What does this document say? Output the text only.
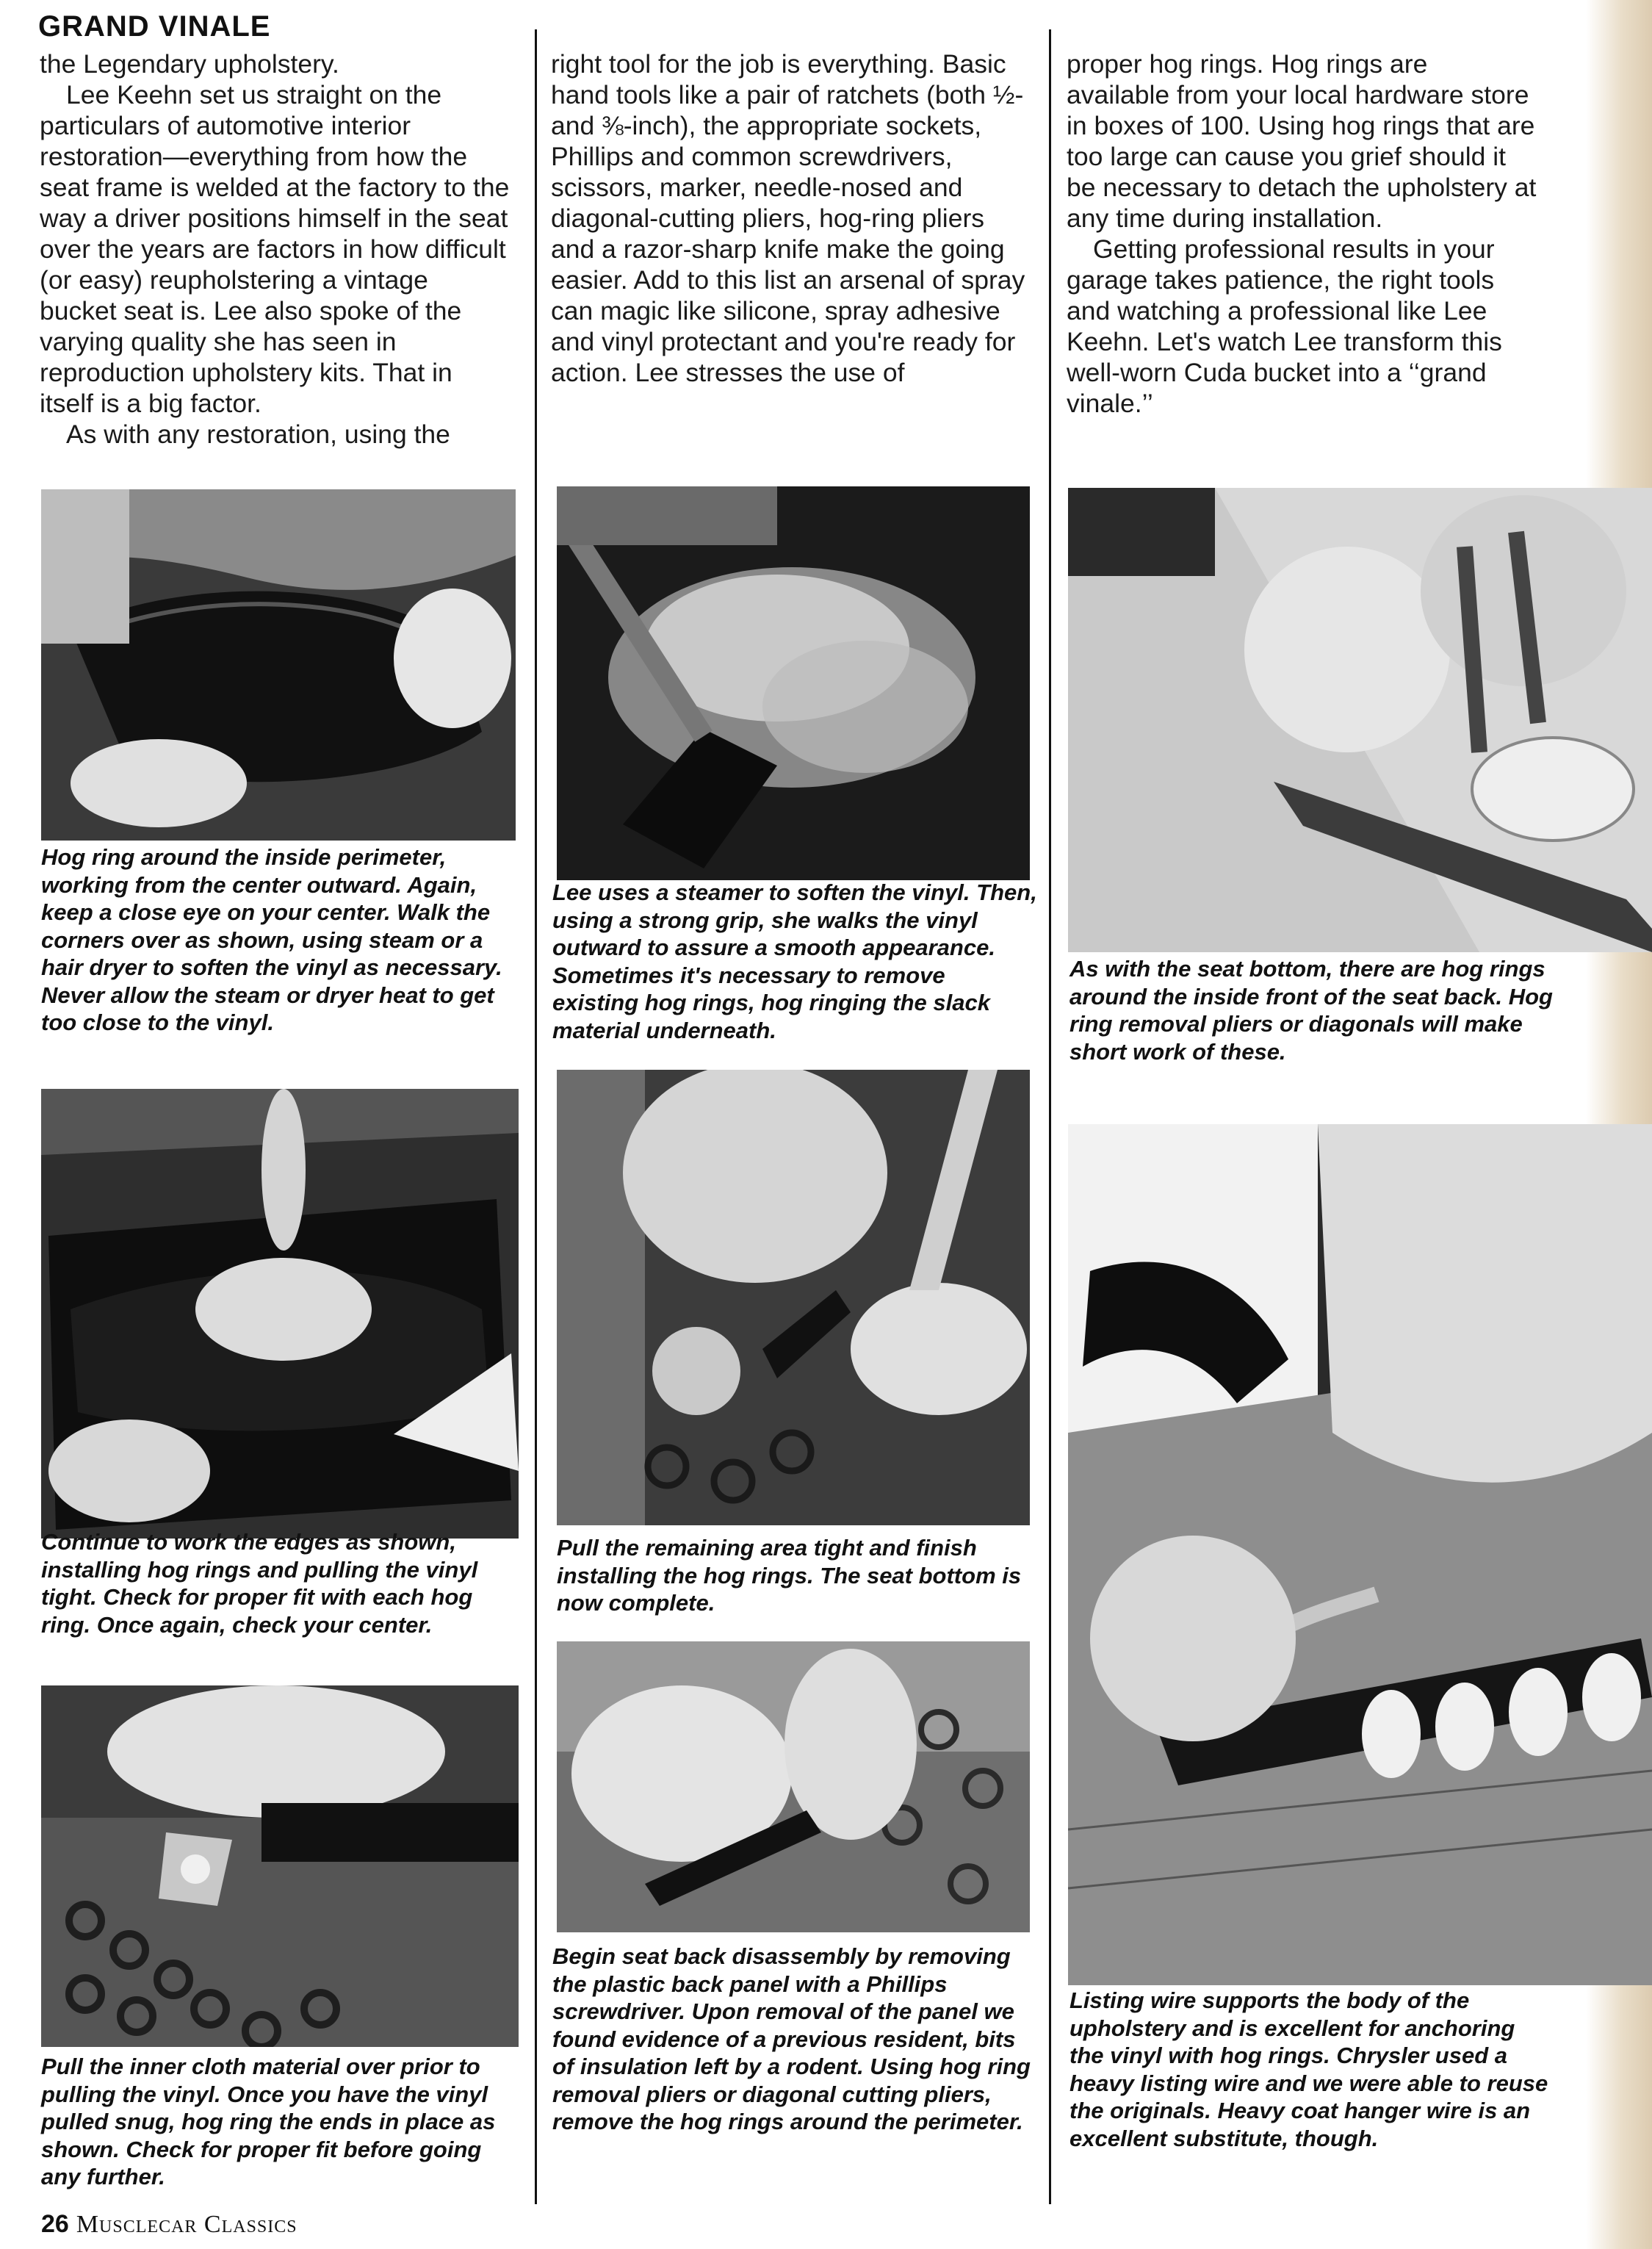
GRAND VINALE

the Legendary upholstery.

Lee Keehn set us straight on the particulars of automotive interior restoration—everything from how the seat frame is welded at the factory to the way a driver positions himself in the seat over the years are factors in how difficult (or easy) reupholstering a vintage bucket seat is. Lee also spoke of the varying quality she has seen in reproduction upholstery kits. That in itself is a big factor.

As with any restoration, using the

right tool for the job is everything. Basic hand tools like a pair of ratchets (both ½- and ⅜-inch), the appropriate sockets, Phillips and common screwdrivers, scissors, marker, needle-nosed and diagonal-cutting pliers, hog-ring pliers and a razor-sharp knife make the going easier. Add to this list an arsenal of spray can magic like silicone, spray adhesive and vinyl protectant and you're ready for action. Lee stresses the use of

proper hog rings. Hog rings are available from your local hardware store in boxes of 100. Using hog rings that are too large can cause you grief should it be necessary to detach the upholstery at any time during installation.

Getting professional results in your garage takes patience, the right tools and watching a professional like Lee Keehn. Let's watch Lee transform this well-worn Cuda bucket into a ‘‘grand vinale.’’

Hog ring around the inside perimeter, working from the center outward. Again, keep a close eye on your center. Walk the corners over as shown, using steam or a hair dryer to soften the vinyl as necessary. Never allow the steam or dryer heat to get too close to the vinyl.
Continue to work the edges as shown, installing hog rings and pulling the vinyl tight. Check for proper fit with each hog ring. Once again, check your center.
Pull the inner cloth material over prior to pulling the vinyl. Once you have the vinyl pulled snug, hog ring the ends in place as shown. Check for proper fit before going any further.
Lee uses a steamer to soften the vinyl. Then, using a strong grip, she walks the vinyl outward to assure a smooth appearance. Sometimes it's necessary to remove existing hog rings, hog ringing the slack material underneath.
Pull the remaining area tight and finish installing the hog rings. The seat bottom is now complete.
Begin seat back disassembly by removing the plastic back panel with a Phillips screwdriver. Upon removal of the panel we found evidence of a previous resident, bits of insulation left by a rodent. Using hog ring removal pliers or diagonal cutting pliers, remove the hog rings around the perimeter.
As with the seat bottom, there are hog rings around the inside front of the seat back. Hog ring removal pliers or diagonals will make short work of these.
Listing wire supports the body of the upholstery and is excellent for anchoring the vinyl with hog rings. Chrysler used a heavy listing wire and we were able to reuse the originals. Heavy coat hanger wire is an excellent substitute, though.
26 Musclecar Classics
